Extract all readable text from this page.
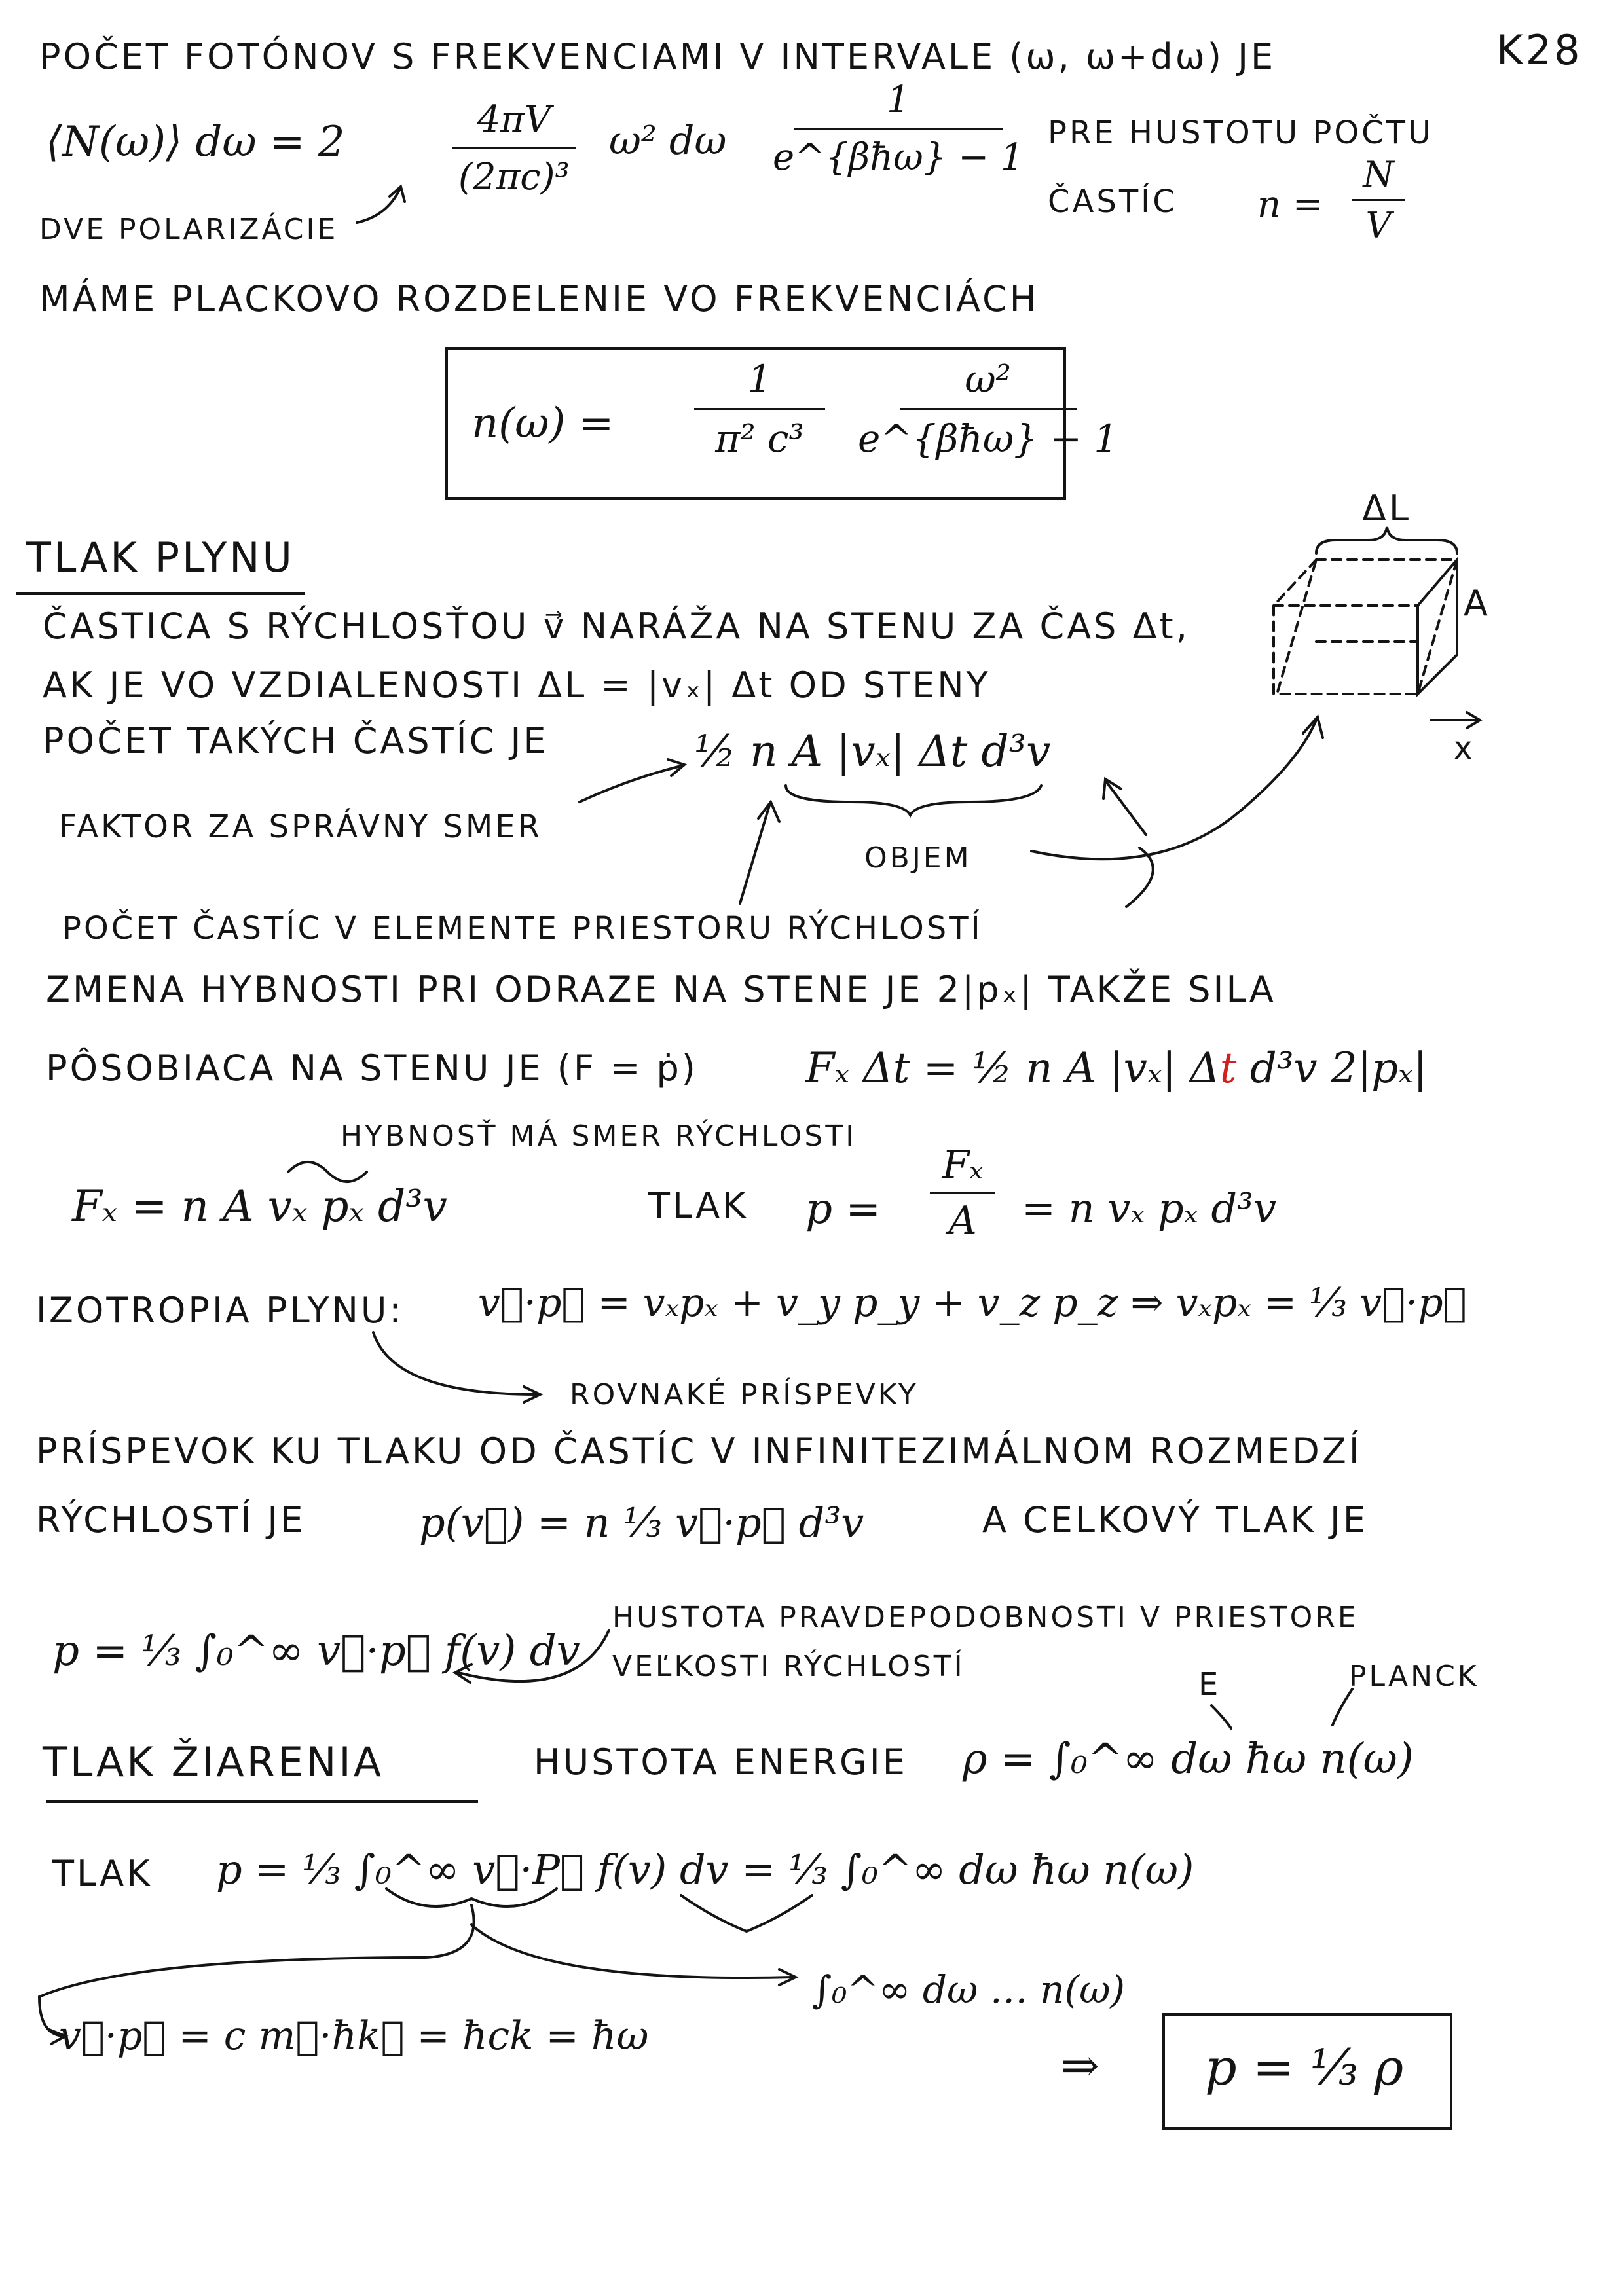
K28
POČET FOTÓNOV S FREKVENCIAMI V INTERVALE (ω, ω+dω) JE
⟨N(ω)⟩ dω = 2	4πV
(2πc)³
ω² dω
1
e^{βħω} − 1
PRE HUSTOTU POČTU
ČASTÍC n =
N
V
DVE POLARIZÁCIE
MÁME PLACKOVO ROZDELENIE VO FREKVENCIÁCH
n(ω) =
1
π² c³
ω²
e^{βħω} − 1
TLAK PLYNU
ČASTICA S RÝCHLOSŤOU v⃗ NARÁŽA NA STENU ZA ČAS Δt,
AK JE VO VZDIALENOSTI ΔL = |vₓ| Δt OD STENY
POČET TAKÝCH ČASTÍC JE	½ n A |vₓ| Δt d³v
FAKTOR ZA SPRÁVNY SMER
OBJEM
POČET ČASTÍC V ELEMENTE PRIESTORU RÝCHLOSTÍ
ZMENA HYBNOSTI PRI ODRAZE NA STENE JE 2|pₓ| TAKŽE SILA
PÔSOBIACA NA STENU JE (F = ṗ)	Fₓ Δt = ½ n A |vₓ| Δt d³v 2|pₓ|
HYBNOSŤ MÁ SMER RÝCHLOSTI
Fₓ = n A vₓ pₓ d³v	TLAK p =
Fₓ
A = n vₓ pₓ d³v
IZOTROPIA PLYNU: v⃗·p⃗ = vₓpₓ + v_y p_y + v_z p_z ⇒ vₓpₓ = ⅓ v⃗·p⃗
ROVNAKÉ PRÍSPEVKY
PRÍSPEVOK KU TLAKU OD ČASTÍC V INFINITEZIMÁLNOM ROZMEDZÍ
RÝCHLOSTÍ JE	p(v⃗) = n ⅓ v⃗·p⃗ d³v	A CELKOVÝ TLAK JE
p = ⅓ ∫₀^∞ v⃗·p⃗ f(v) dv
HUSTOTA PRAVDEPODOBNOSTI V PRIESTORE
VEĽKOSTI RÝCHLOSTÍ
TLAK ŽIARENIA	HUSTOTA ENERGIE ρ = ∫₀^∞ dω ħω n(ω)
E	PLANCK
TLAK p = ⅓ ∫₀^∞ v⃗·P⃗ f(v) dv = ⅓ ∫₀^∞ dω ħω n(ω)
∫₀^∞ dω … n(ω)
v⃗·p⃗ = c m⃗·ħk⃗ = ħck = ħω
p = ⅓ ρ
⇒
ΔL
A
x
